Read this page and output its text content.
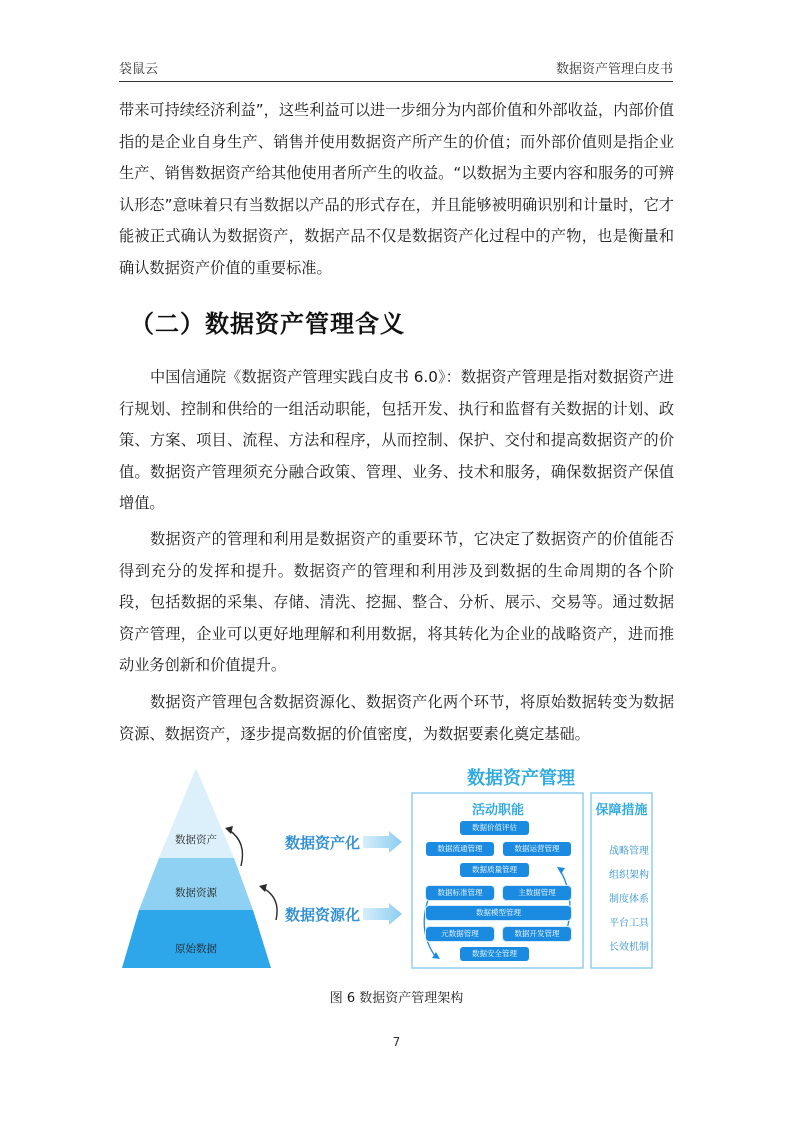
袋鼠云	数据资产管理白皮书

带来可持续经济利益”，这些利益可以进一步细分为内部价值和外部收益，内部价值指的是企业自身生产、销售并使用数据资产所产生的价值；而外部价值则是指企业生产、销售数据资产给其他使用者所产生的收益。“以数据为主要内容和服务的可辨认形态”意味着只有当数据以产品的形式存在，并且能够被明确识别和计量时，它才能被正式确认为数据资产，数据产品不仅是数据资产化过程中的产物，也是衡量和确认数据资产价值的重要标准。

（二）数据资产管理含义

中国信通院《数据资产管理实践白皮书 6.0》：数据资产管理是指对数据资产进行规划、控制和供给的一组活动职能，包括开发、执行和监督有关数据的计划、政策、方案、项目、流程、方法和程序，从而控制、保护、交付和提高数据资产的价值。数据资产管理须充分融合政策、管理、业务、技术和服务，确保数据资产保值增值。

数据资产的管理和利用是数据资产的重要环节，它决定了数据资产的价值能否得到充分的发挥和提升。数据资产的管理和利用涉及到数据的生命周期的各个阶段，包括数据的采集、存储、清洗、挖掘、整合、分析、展示、交易等。通过数据资产管理，企业可以更好地理解和利用数据，将其转化为企业的战略资产，进而推动业务创新和价值提升。

数据资产管理包含数据资源化、数据资产化两个环节，将原始数据转变为数据资源、数据资产，逐步提高数据的价值密度，为数据要素化奠定基础。

数据资产
数据资源
原始数据
数据资产化
数据资源化
数据资产管理
活动职能	保障措施
数据价值评估
数据流通管理	数据运营管理
数据质量管理
数据标准管理	主数据管理
数据模型管理
元数据管理	数据开发管理
数据安全管理
战略管理
组织架构
制度体系
平台工具
长效机制
图 6 数据资产管理架构
7
